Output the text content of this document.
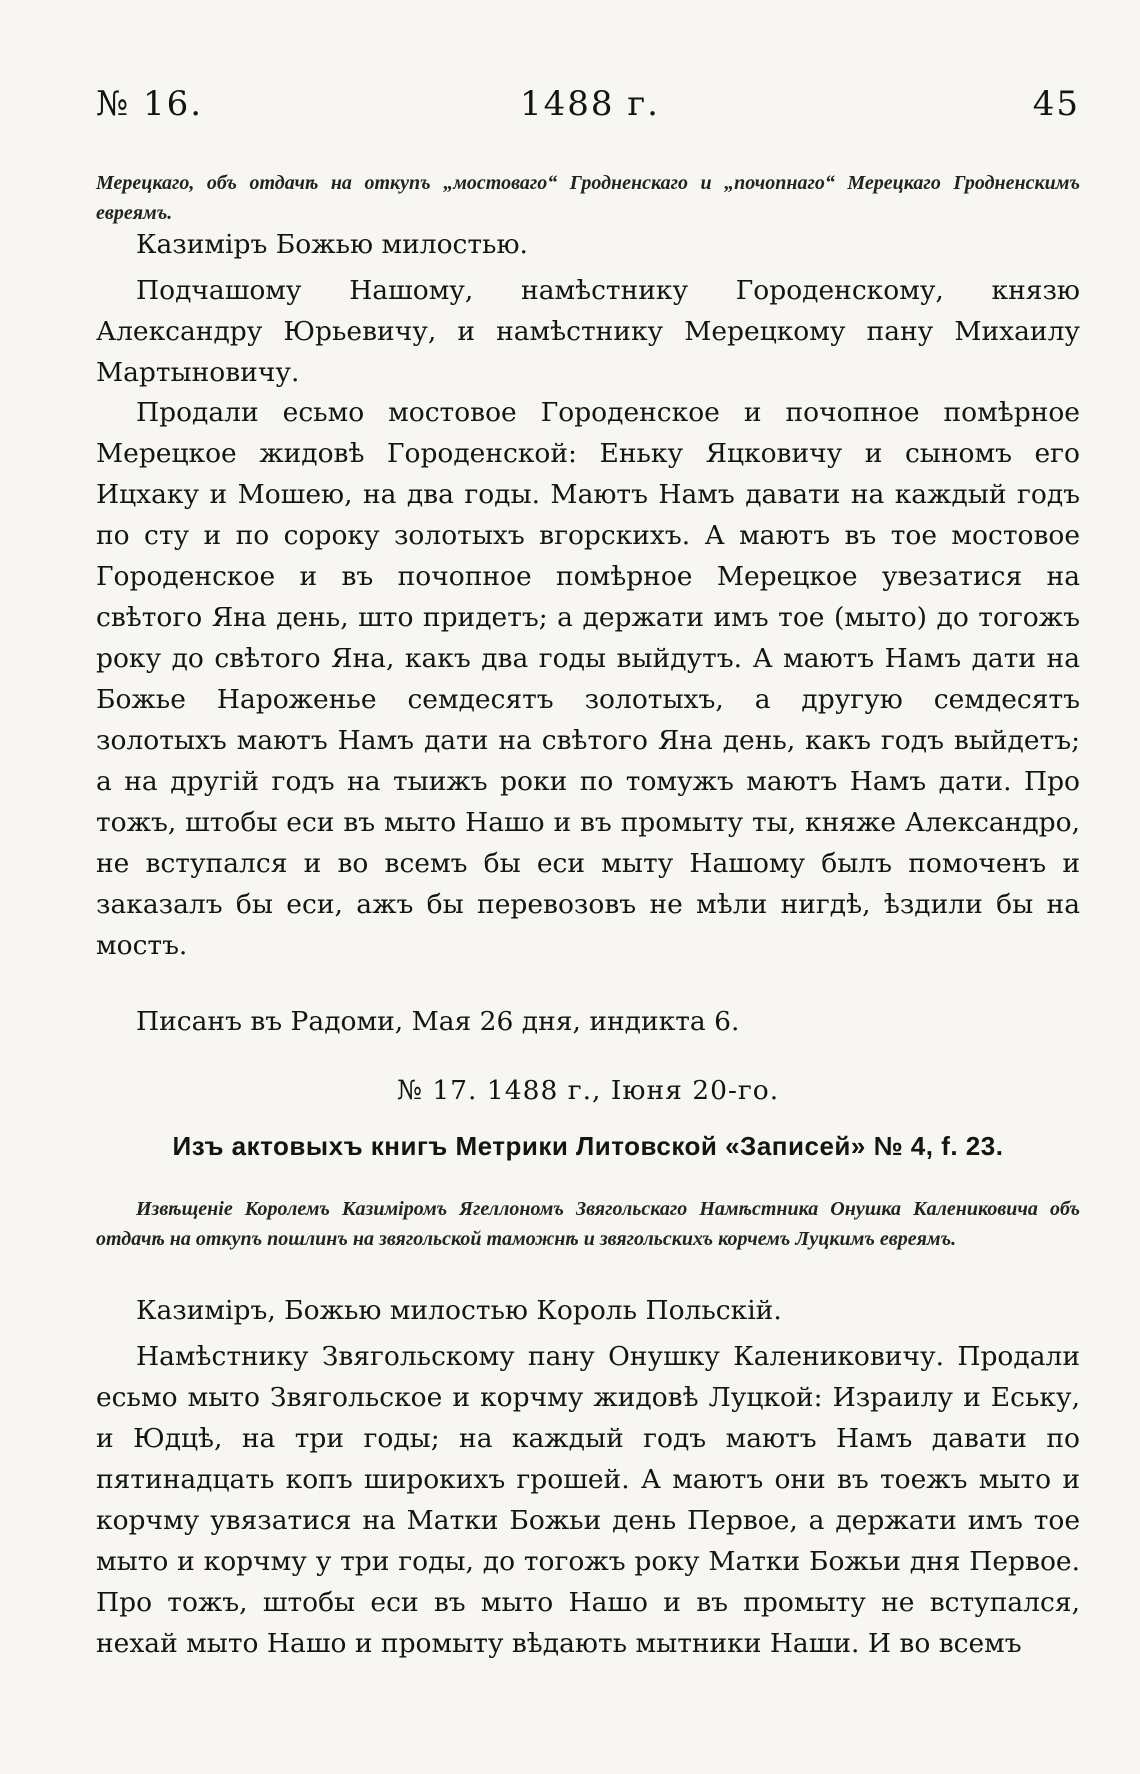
№ 16.	1488 г.	45
Мерецкаго, объ отдачѣ на откупъ „мостоваго“ Гродненскаго и „почопнаго“ Мерецкаго Гродненскимъ евреямъ.

Казиміръ Божью милостью.

Подчашому Нашому, намѣстнику Городенскому, князю Александру Юрьевичу, и намѣстнику Мерецкому пану Михаилу Мартыновичу.

Продали есьмо мостовое Городенское и почопное помѣрное Мерецкое жидовѣ Городенской: Еньку Яцковичу и сыномъ его Ицхаку и Мошею, на два годы. Маютъ Намъ давати на каждый годъ по сту и по сороку золотыхъ вгорскихъ. А маютъ въ тое мостовое Городенское и въ почопное помѣрное Мерецкое увезатися на свѣтого Яна день, што придетъ; а держати имъ тое (мыто) до тогожъ року до свѣтого Яна, какъ два годы выйдутъ. А маютъ Намъ дати на Божье Нароженье семдесятъ золотыхъ, а другую семдесятъ золотыхъ маютъ Намъ дати на свѣтого Яна день, какъ годъ выйдетъ; а на другій годъ на тыижъ роки по томужъ маютъ Намъ дати. Про тожъ, штобы еси въ мыто Нашо и въ промыту ты, княже Александро, не вступался и во всемъ бы еси мыту Нашому былъ помоченъ и заказалъ бы еси, ажъ бы перевозовъ не мѣли нигдѣ, ѣздили бы на мостъ.

Писанъ въ Радоми, Мая 26 дня, индикта 6.

№ 17. 1488 г., Іюня 20-го.
Изъ актовыхъ книгъ Метрики Литовской «Записей» № 4, f. 23.
Извѣщеніе Королемъ Казиміромъ Ягеллономъ Звягольскаго Намѣстника Онушка Калениковича объ отдачѣ на откупъ пошлинъ на звягольской таможнѣ и звягольскихъ корчемъ Луцкимъ евреямъ.

Казиміръ, Божью милостью Король Польскій.

Намѣстнику Звягольскому пану Онушку Калениковичу. Продали есьмо мыто Звягольское и корчму жидовѣ Луцкой: Израилу и Еську, и Юдцѣ, на три годы; на каждый годъ маютъ Намъ давати по пятинадцать копъ широкихъ грошей. А маютъ они въ тоежъ мыто и корчму увязатися на Матки Божьи день Первое, а держати имъ тое мыто и корчму у три годы, до тогожъ року Матки Божьи дня Первое. Про тожъ, штобы еси въ мыто Нашо и въ промыту не вступался, нехай мыто Нашо и промыту вѣдають мытники Наши. И во всемъ
